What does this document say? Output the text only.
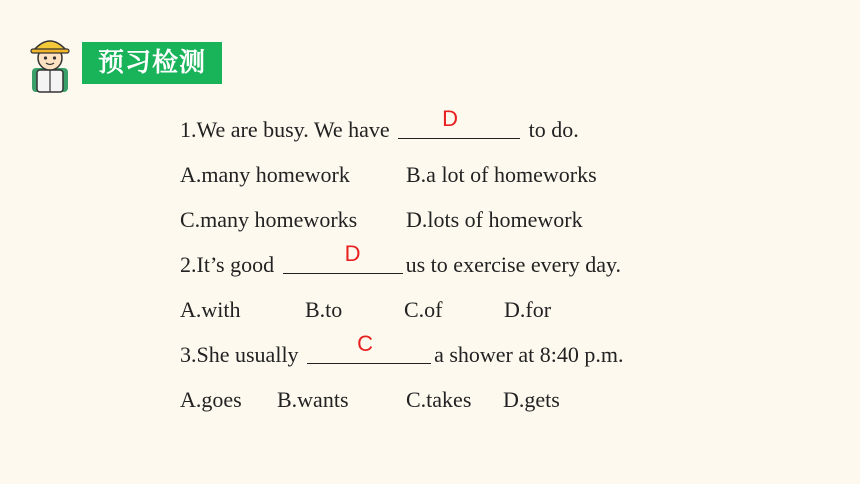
预习检测
1.We are busy. We have	D	to do.
A.many homework	B.a lot of homeworks
C.many homeworks D.lots of homework
2.It’s good	D	us to exercise every day.
A.with	B.to	C.of	D.for
3.She usually	C	a shower at 8:40 p.m.
A.goes B.wants	C.takes D.gets
